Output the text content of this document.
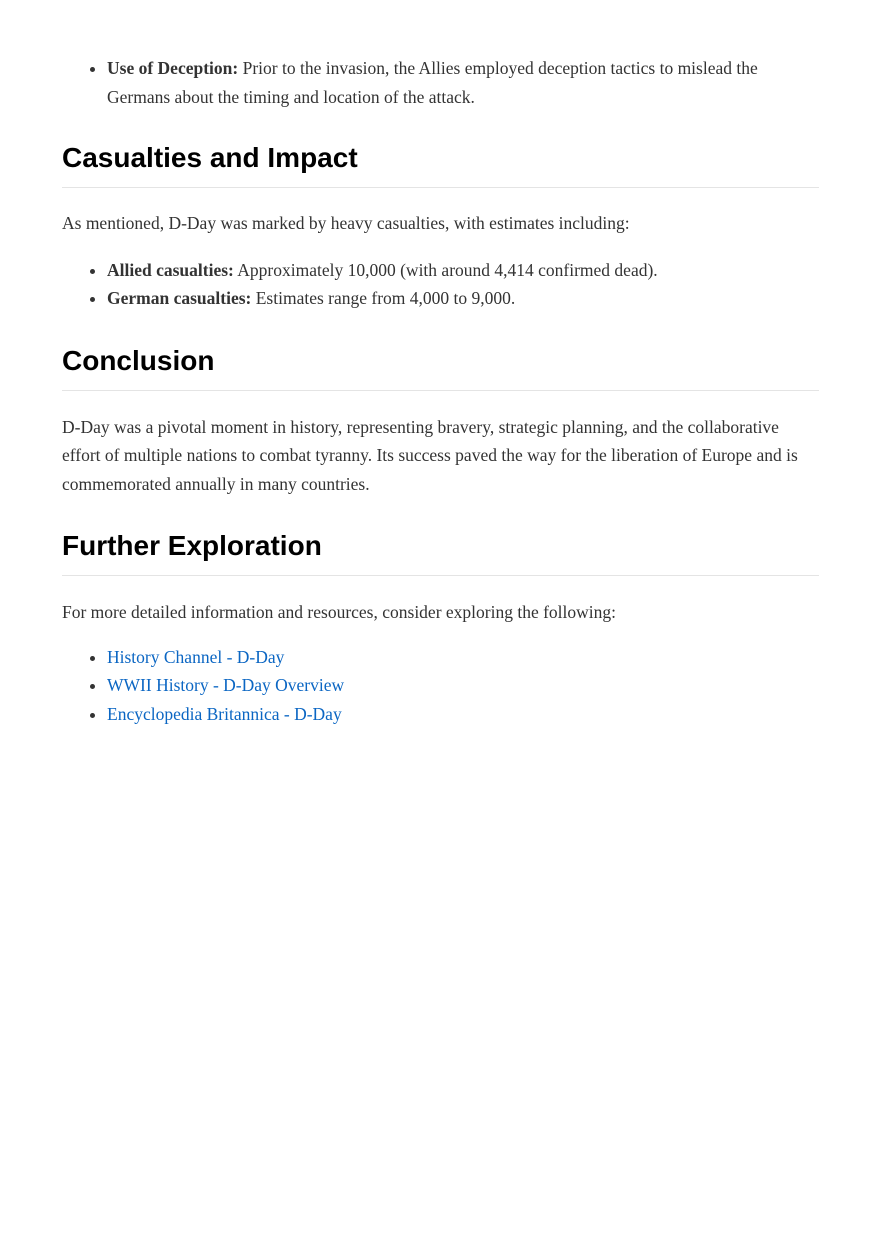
• Use of Deception: Prior to the invasion, the Allies employed deception tactics to mislead the Germans about the timing and location of the attack.
Casualties and Impact

As mentioned, D-Day was marked by heavy casualties, with estimates including:

• Allied casualties: Approximately 10,000 (with around 4,414 confirmed dead).
• German casualties: Estimates range from 4,000 to 9,000.
Conclusion

D-Day was a pivotal moment in history, representing bravery, strategic planning, and the collaborative effort of multiple nations to combat tyranny. Its success paved the way for the liberation of Europe and is commemorated annually in many countries.

Further Exploration

For more detailed information and resources, consider exploring the following:

• History Channel - D-Day
• WWII History - D-Day Overview
• Encyclopedia Britannica - D-Day
